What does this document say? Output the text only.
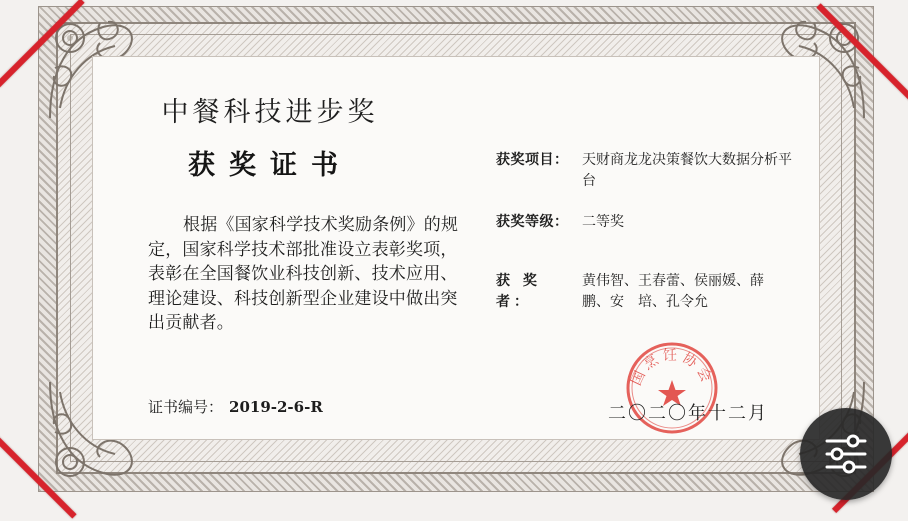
中餐科技进步奖
获奖证书

根据《国家科学技术奖励条例》的规定，国家科学技术部批准设立表彰奖项，表彰在全国餐饮业科技创新、技术应用、理论建设、科技创新型企业建设中做出突出贡献者。

证书编号： 2019-2-6-R
获奖项目： 天财商龙龙决策餐饮大数据分析平台
获奖等级： 二等奖
获 奖 者：
黄伟智、王春蕾、侯丽媛、薛　鹏、安　培、孔令允
国烹饪协会
二〇二〇年十二月
